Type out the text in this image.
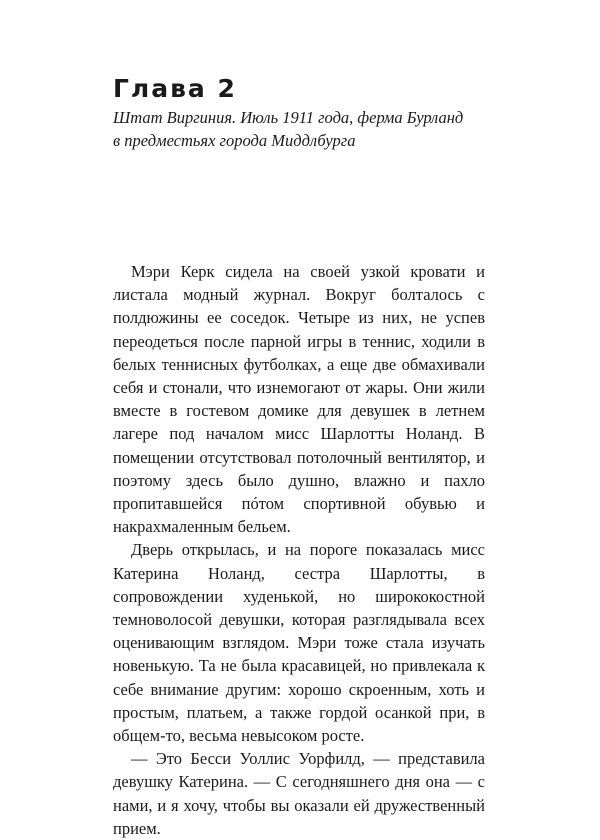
Глава 2
Штат Виргиния. Июль 1911 года, ферма Бурланд
в предместьях города Миддлбурга

Мэри Керк сидела на своей узкой кровати и листала модный журнал. Вокруг болталось с полдюжины ее соседок. Четыре из них, не успев переодеться после парной игры в теннис, ходили в белых теннисных футболках, а еще две обмахивали себя и стонали, что изнемогают от жары. Они жили вместе в гостевом домике для девушек в летнем лагере под началом мисс Шарлотты Ноланд. В помещении отсутствовал потолочный вентилятор, и поэтому здесь было душно, влажно и пахло пропитавшейся пóтом спортивной обувью и накрахмаленным бельем.

Дверь открылась, и на пороге показалась мисс Катерина Ноланд, сестра Шарлотты, в сопровождении худенькой, но ширококостной темноволосой девушки, которая разглядывала всех оценивающим взглядом. Мэри тоже стала изучать новенькую. Та не была красавицей, но привлекала к себе внимание другим: хорошо скроенным, хоть и простым, платьем, а также гордой осанкой при, в общем-то, весьма невысоком росте.

— Это Бесси Уоллис Уорфилд, — представила девушку Катерина. — С сегодняшнего дня она — с нами, и я хочу, чтобы вы оказали ей дружественный прием.
